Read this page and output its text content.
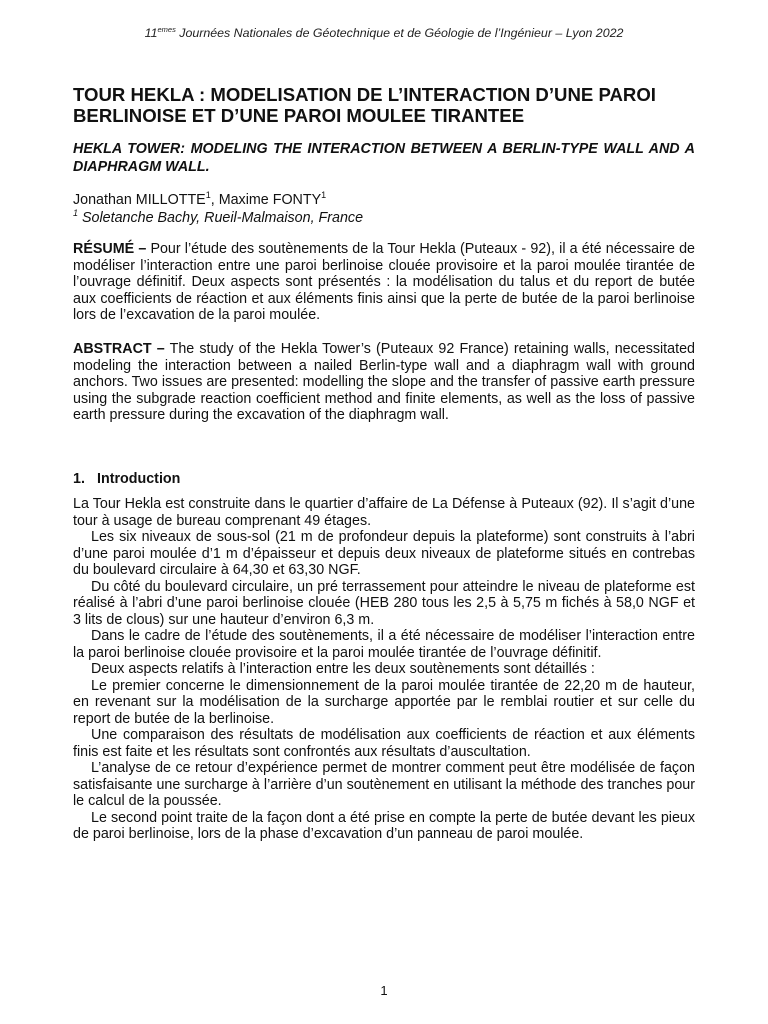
11emes Journées Nationales de Géotechnique et de Géologie de l’Ingénieur – Lyon 2022
TOUR HEKLA : MODELISATION DE L’INTERACTION D’UNE PAROI BERLINOISE ET D’UNE PAROI MOULEE TIRANTEE
HEKLA TOWER: MODELING THE INTERACTION BETWEEN A BERLIN-TYPE WALL AND A DIAPHRAGM WALL.
Jonathan MILLOTTE$^1$, Maxime FONTY$^1$
$^1$ Soletanche Bachy, Rueil-Malmaison, France

RÉSUMÉ – Pour l’étude des soutènements de la Tour Hekla (Puteaux - 92), il a été nécessaire de modéliser l’interaction entre une paroi berlinoise clouée provisoire et la paroi moulée tirantée de l’ouvrage définitif. Deux aspects sont présentés : la modélisation du talus et du report de butée aux coefficients de réaction et aux éléments finis ainsi que la perte de butée de la paroi berlinoise lors de l’excavation de la paroi moulée.

ABSTRACT – The study of the Hekla Tower’s (Puteaux 92 France) retaining walls, necessitated modeling the interaction between a nailed Berlin-type wall and a diaphragm wall with ground anchors. Two issues are presented: modelling the slope and the transfer of passive earth pressure using the subgrade reaction coefficient method and finite elements, as well as the loss of passive earth pressure during the excavation of the diaphragm wall.

1. Introduction

La Tour Hekla est construite dans le quartier d’affaire de La Défense à Puteaux (92). Il s’agit d’une tour à usage de bureau comprenant 49 étages.

Les six niveaux de sous-sol (21 m de profondeur depuis la plateforme) sont construits à l’abri d’une paroi moulée d’1 m d’épaisseur et depuis deux niveaux de plateforme situés en contrebas du boulevard circulaire à 64,30 et 63,30 NGF.

Du côté du boulevard circulaire, un pré terrassement pour atteindre le niveau de plateforme est réalisé à l’abri d’une paroi berlinoise clouée (HEB 280 tous les 2,5 à 5,75 m fichés à 58,0 NGF et 3 lits de clous) sur une hauteur d’environ 6,3 m.

Dans le cadre de l’étude des soutènements, il a été nécessaire de modéliser l’interaction entre la paroi berlinoise clouée provisoire et la paroi moulée tirantée de l’ouvrage définitif.

Deux aspects relatifs à l’interaction entre les deux soutènements sont détaillés :

Le premier concerne le dimensionnement de la paroi moulée tirantée de 22,20 m de hauteur, en revenant sur la modélisation de la surcharge apportée par le remblai routier et sur celle du report de butée de la berlinoise.

Une comparaison des résultats de modélisation aux coefficients de réaction et aux éléments finis est faite et les résultats sont confrontés aux résultats d’auscultation.

L’analyse de ce retour d’expérience permet de montrer comment peut être modélisée de façon satisfaisante une surcharge à l’arrière d’un soutènement en utilisant la méthode des tranches pour le calcul de la poussée.

Le second point traite de la façon dont a été prise en compte la perte de butée devant les pieux de paroi berlinoise, lors de la phase d’excavation d’un panneau de paroi moulée.

1
